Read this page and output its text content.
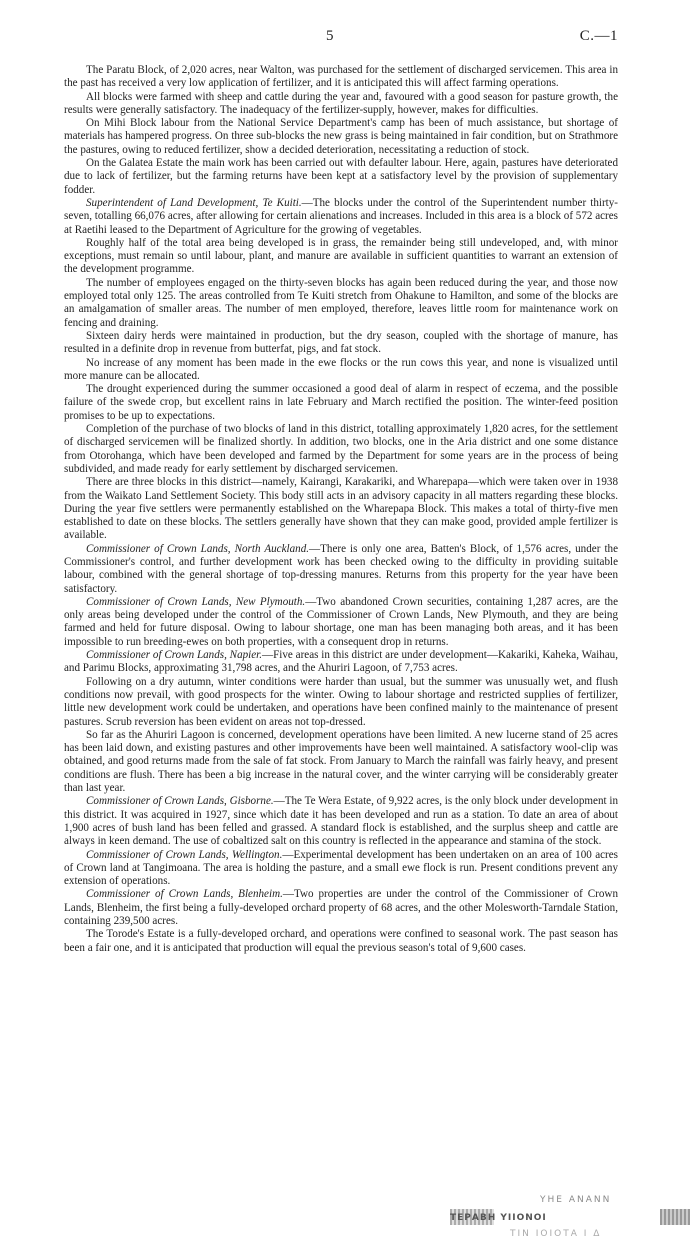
5	C.—1

The Paratu Block, of 2,020 acres, near Walton, was purchased for the settlement of discharged servicemen. This area in the past has received a very low application of fertilizer, and it is anticipated this will affect farming operations.

All blocks were farmed with sheep and cattle during the year and, favoured with a good season for pasture growth, the results were generally satisfactory. The inadequacy of the fertilizer-supply, however, makes for difficulties.

On Mihi Block labour from the National Service Department's camp has been of much assistance, but shortage of materials has hampered progress. On three sub-blocks the new grass is being maintained in fair condition, but on Strathmore the pastures, owing to reduced fertilizer, show a decided deterioration, necessitating a reduction of stock.

On the Galatea Estate the main work has been carried out with defaulter labour. Here, again, pastures have deteriorated due to lack of fertilizer, but the farming returns have been kept at a satisfactory level by the provision of supplementary fodder.

Superintendent of Land Development, Te Kuiti.—The blocks under the control of the Superintendent number thirty-seven, totalling 66,076 acres, after allowing for certain alienations and increases. Included in this area is a block of 572 acres at Raetihi leased to the Department of Agriculture for the growing of vegetables.

Roughly half of the total area being developed is in grass, the remainder being still undeveloped, and, with minor exceptions, must remain so until labour, plant, and manure are available in sufficient quantities to warrant an extension of the development programme.

The number of employees engaged on the thirty-seven blocks has again been reduced during the year, and those now employed total only 125. The areas controlled from Te Kuiti stretch from Ohakune to Hamilton, and some of the blocks are an amalgamation of smaller areas. The number of men employed, therefore, leaves little room for maintenance work on fencing and draining.

Sixteen dairy herds were maintained in production, but the dry season, coupled with the shortage of manure, has resulted in a definite drop in revenue from butterfat, pigs, and fat stock.

No increase of any moment has been made in the ewe flocks or the run cows this year, and none is visualized until more manure can be allocated.

The drought experienced during the summer occasioned a good deal of alarm in respect of eczema, and the possible failure of the swede crop, but excellent rains in late February and March rectified the position. The winter-feed position promises to be up to expectations.

Completion of the purchase of two blocks of land in this district, totalling approximately 1,820 acres, for the settlement of discharged servicemen will be finalized shortly. In addition, two blocks, one in the Aria district and one some distance from Otorohanga, which have been developed and farmed by the Department for some years are in the process of being subdivided, and made ready for early settlement by discharged servicemen.

There are three blocks in this district—namely, Kairangi, Karakariki, and Wharepapa—which were taken over in 1938 from the Waikato Land Settlement Society. This body still acts in an advisory capacity in all matters regarding these blocks. During the year five settlers were permanently established on the Wharepapa Block. This makes a total of thirty-five men established to date on these blocks. The settlers generally have shown that they can make good, provided ample fertilizer is available.

Commissioner of Crown Lands, North Auckland.—There is only one area, Batten's Block, of 1,576 acres, under the Commissioner's control, and further development work has been checked owing to the difficulty in providing suitable labour, combined with the general shortage of top-dressing manures. Returns from this property for the year have been satisfactory.

Commissioner of Crown Lands, New Plymouth.—Two abandoned Crown securities, containing 1,287 acres, are the only areas being developed under the control of the Commissioner of Crown Lands, New Plymouth, and they are being farmed and held for future disposal. Owing to labour shortage, one man has been managing both areas, and it has been impossible to run breeding-ewes on both properties, with a consequent drop in returns.

Commissioner of Crown Lands, Napier.—Five areas in this district are under development—Kakariki, Kaheka, Waihau, and Parimu Blocks, approximating 31,798 acres, and the Ahuriri Lagoon, of 7,753 acres.

Following on a dry autumn, winter conditions were harder than usual, but the summer was unusually wet, and flush conditions now prevail, with good prospects for the winter. Owing to labour shortage and restricted supplies of fertilizer, little new development work could be undertaken, and operations have been confined mainly to the maintenance of present pastures. Scrub reversion has been evident on areas not top-dressed.

So far as the Ahuriri Lagoon is concerned, development operations have been limited. A new lucerne stand of 25 acres has been laid down, and existing pastures and other improvements have been well maintained. A satisfactory wool-clip was obtained, and good returns made from the sale of fat stock. From January to March the rainfall was fairly heavy, and present conditions are flush. There has been a big increase in the natural cover, and the winter carrying will be considerably greater than last year.

Commissioner of Crown Lands, Gisborne.—The Te Wera Estate, of 9,922 acres, is the only block under development in this district. It was acquired in 1927, since which date it has been developed and run as a station. To date an area of about 1,900 acres of bush land has been felled and grassed. A standard flock is established, and the surplus sheep and cattle are always in keen demand. The use of cobaltized salt on this country is reflected in the appearance and stamina of the stock.

Commissioner of Crown Lands, Wellington.—Experimental development has been undertaken on an area of 100 acres of Crown land at Tangimoana. The area is holding the pasture, and a small ewe flock is run. Present conditions prevent any extension of operations.

Commissioner of Crown Lands, Blenheim.—Two properties are under the control of the Commissioner of Crown Lands, Blenheim, the first being a fully-developed orchard property of 68 acres, and the other Molesworth-Tarndale Station, containing 239,500 acres.

The Torode's Estate is a fully-developed orchard, and operations were confined to seasonal work. The past season has been a fair one, and it is anticipated that production will equal the previous season's total of 9,600 cases.

ΥΗΕ ΑΝΑΝΝ
ΤΕΡΑΒΗ ΥΙΙΟΝΟΙ
ΤΙΝ ΙΟΙΟΤΑ Ι Δ
